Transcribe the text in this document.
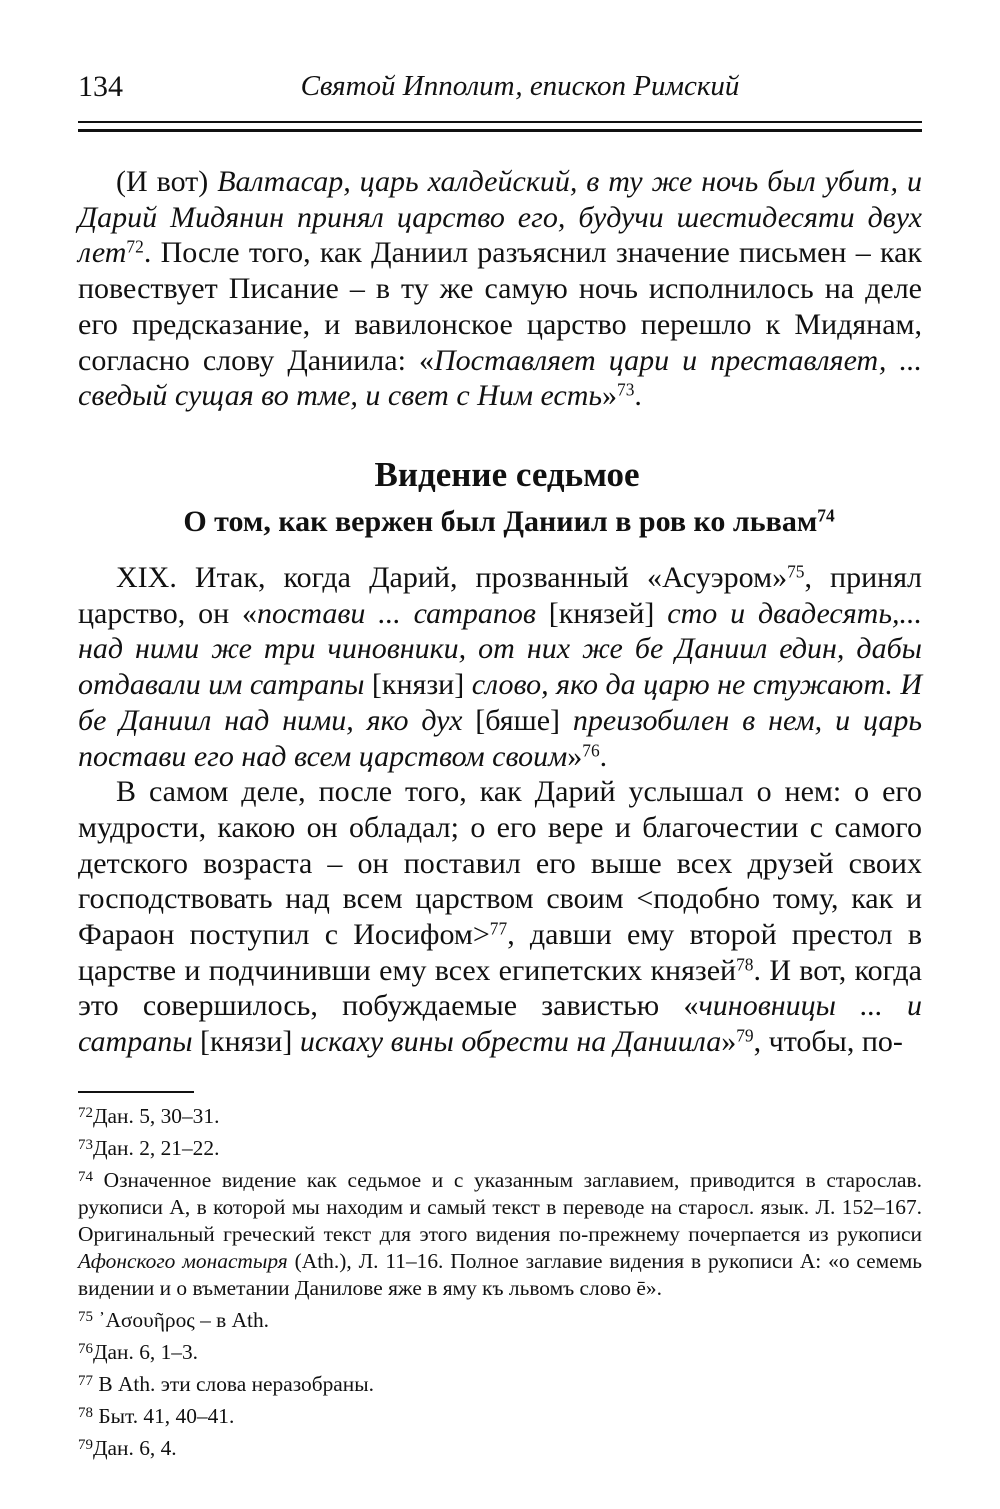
134	Святой Ипполит, епископ Римский

(И вот) Валтасар, царь халдейский, в ту же ночь был убит, и Дарий Мидянин принял царство его, будучи шестидесяти двух лет$^{72}$. После того, как Даниил разъяснил значение письмен – как повествует Писание – в ту же самую ночь исполнилось на деле его предсказание, и вавилонское царство перешло к Мидянам, согласно слову Даниила: «Поставляет цари и преставляет, ... сведый сущая во тме, и свет с Ним есть»$^{73}$.

Видение седьмое
О том, как вержен был Даниил в ров ко львам$^{74}$

XIX. Итак, когда Дарий, прозванный «Асуэром»$^{75}$, принял царство, он «постави ... сатрапов [князей] сто и двадесять,... над ними же три чиновники, от них же бе Даниил един, дабы отдавали им сатрапы [князи] слово, яко да царю не стужают. И бе Даниил над ними, яко дух [бяше] преизобилен в нем, и царь постави его над всем царством своим»$^{76}$.

В самом деле, после того, как Дарий услышал о нем: о его мудрости, какою он обладал; о его вере и благочестии с самого детского возраста – он поставил его выше всех друзей своих господствовать над всем царством своим <подобно тому, как и Фараон поступил с Иосифом>$^{77}$, давши ему второй престол в царстве и подчинивши ему всех египетских князей$^{78}$. И вот, когда это совершилось, побуждаемые завистью «чиновницы ... и сатрапы [князи] искаху вины обрести на Даниила»$^{79}$, чтобы, по-

$^{72}$Дан. 5, 30–31.
$^{73}$Дан. 2, 21–22.
$^{74}$ Означенное видение как седьмое и с указанным заглавием, приводится в старослав. рукописи А, в которой мы находим и самый текст в переводе на старосл. язык. Л. 152–167. Оригинальный греческий текст для этого видения по-прежнему почерпается из рукописи Афонского монастыря (Ath.), Л. 11–16. Полное заглавие видения в рукописи А: «о семемь видении и о въметании Данилове яже в яму къ львомъ слово ē».
$^{75}$ ᾿Ασουῆρος – в Ath.
$^{76}$Дан. 6, 1–3.
$^{77}$ В Ath. эти слова неразобраны.
$^{78}$ Быт. 41, 40–41.
$^{79}$Дан. 6, 4.
